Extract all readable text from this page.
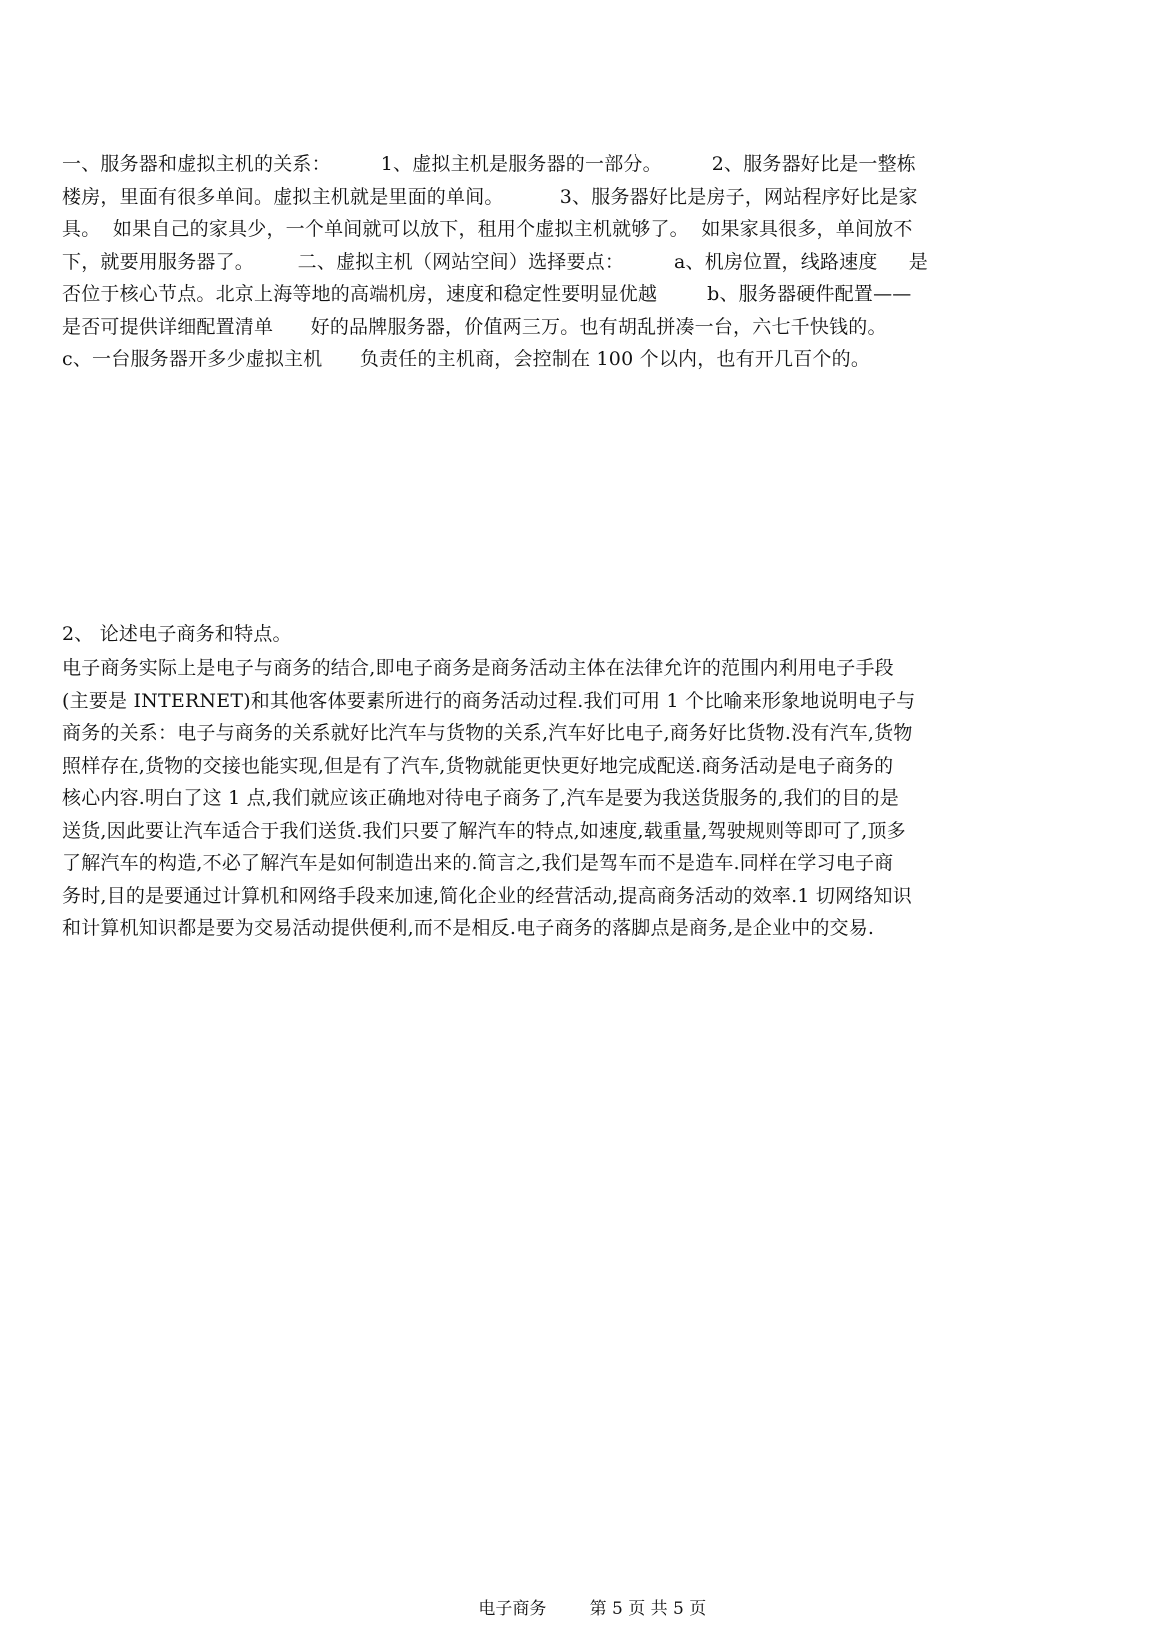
一、服务器和虚拟主机的关系：        1、虚拟主机是服务器的一部分。        2、服务器好比是一整栋
楼房，里面有很多单间。虚拟主机就是里面的单间。         3、服务器好比是房子，网站程序好比是家
具。  如果自己的家具少，一个单间就可以放下，租用个虚拟主机就够了。  如果家具很多，单间放不
下，就要用服务器了。       二、虚拟主机（网站空间）选择要点：        a、机房位置，线路速度     是
否位于核心节点。北京上海等地的高端机房，速度和稳定性要明显优越        b、服务器硬件配置——
是否可提供详细配置清单      好的品牌服务器，价值两三万。也有胡乱拼凑一台，六七千快钱的。
c、一台服务器开多少虚拟主机      负责任的主机商，会控制在 100 个以内，也有开几百个的。
2、 论述电子商务和特点。
电子商务实际上是电子与商务的结合,即电子商务是商务活动主体在法律允许的范围内利用电子手段
(主要是 INTERNET)和其他客体要素所进行的商务活动过程.我们可用 1 个比喻来形象地说明电子与
商务的关系：电子与商务的关系就好比汽车与货物的关系,汽车好比电子,商务好比货物.没有汽车,货物
照样存在,货物的交接也能实现,但是有了汽车,货物就能更快更好地完成配送.商务活动是电子商务的
核心内容.明白了这 1 点,我们就应该正确地对待电子商务了,汽车是要为我送货服务的,我们的目的是
送货,因此要让汽车适合于我们送货.我们只要了解汽车的特点,如速度,载重量,驾驶规则等即可了,顶多
了解汽车的构造,不必了解汽车是如何制造出来的.简言之,我们是驾车而不是造车.同样在学习电子商
务时,目的是要通过计算机和网络手段来加速,简化企业的经营活动,提高商务活动的效率.1 切网络知识
和计算机知识都是要为交易活动提供便利,而不是相反.电子商务的落脚点是商务,是企业中的交易.

电子商务	第 5 页 共 5 页
